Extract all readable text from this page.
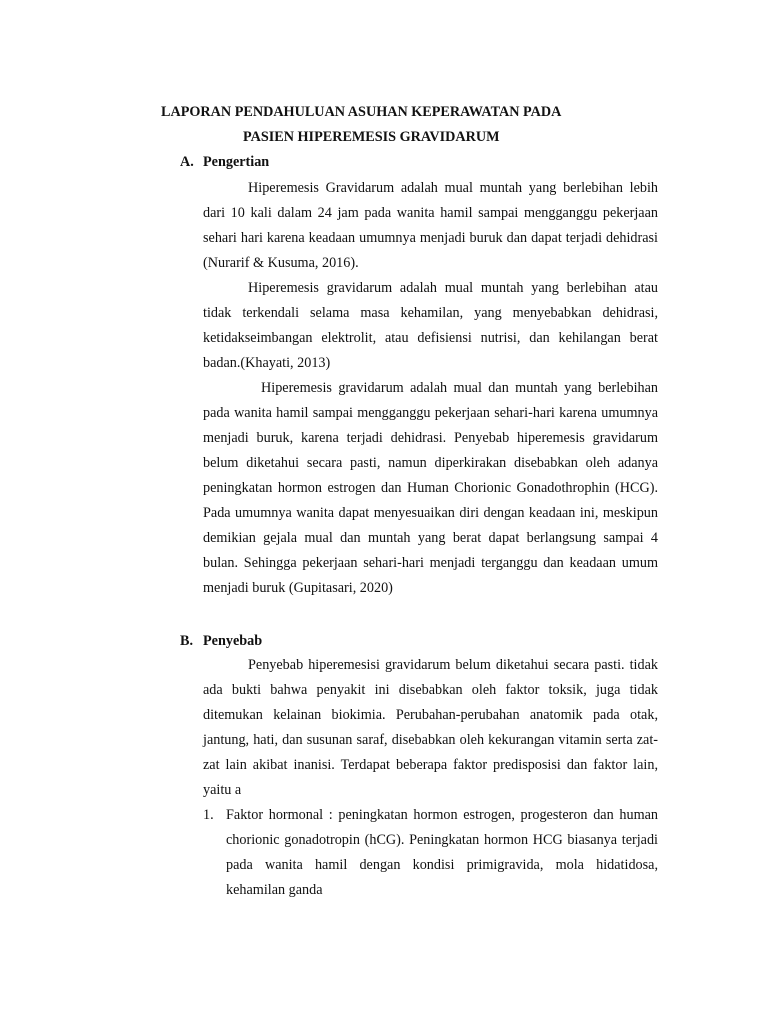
LAPORAN PENDAHULUAN ASUHAN KEPERAWATAN PADA
PASIEN HIPEREMESIS GRAVIDARUM
A. Pengertian

Hiperemesis Gravidarum adalah mual muntah yang berlebihan lebih dari 10 kali dalam 24 jam pada wanita hamil sampai mengganggu pekerjaan sehari hari karena keadaan umumnya menjadi buruk dan dapat terjadi dehidrasi (Nurarif & Kusuma, 2016).

Hiperemesis gravidarum adalah mual muntah yang berlebihan atau tidak terkendali selama masa kehamilan, yang menyebabkan dehidrasi, ketidakseimbangan elektrolit, atau defisiensi nutrisi, dan kehilangan berat badan.(Khayati, 2013)

Hiperemesis gravidarum adalah mual dan muntah yang berlebihan pada wanita hamil sampai mengganggu pekerjaan sehari-hari karena umumnya menjadi buruk, karena terjadi dehidrasi. Penyebab hiperemesis gravidarum belum diketahui secara pasti, namun diperkirakan disebabkan oleh adanya peningkatan hormon estrogen dan Human Chorionic Gonadothrophin (HCG). Pada umumnya wanita dapat menyesuaikan diri dengan keadaan ini, meskipun demikian gejala mual dan muntah yang berat dapat berlangsung sampai 4 bulan. Sehingga pekerjaan sehari-hari menjadi terganggu dan keadaan umum menjadi buruk (Gupitasari, 2020)

B. Penyebab

Penyebab hiperemesisi gravidarum belum diketahui secara pasti. tidak ada bukti bahwa penyakit ini disebabkan oleh faktor toksik, juga tidak ditemukan kelainan biokimia. Perubahan-perubahan anatomik pada otak, jantung, hati, dan susunan saraf, disebabkan oleh kekurangan vitamin serta zat-zat lain akibat inanisi. Terdapat beberapa faktor predisposisi dan faktor lain, yaitu a

1. Faktor hormonal : peningkatan hormon estrogen, progesteron dan human chorionic gonadotropin (hCG). Peningkatan hormon HCG biasanya terjadi pada wanita hamil dengan kondisi primigravida, mola hidatidosa, kehamilan ganda
